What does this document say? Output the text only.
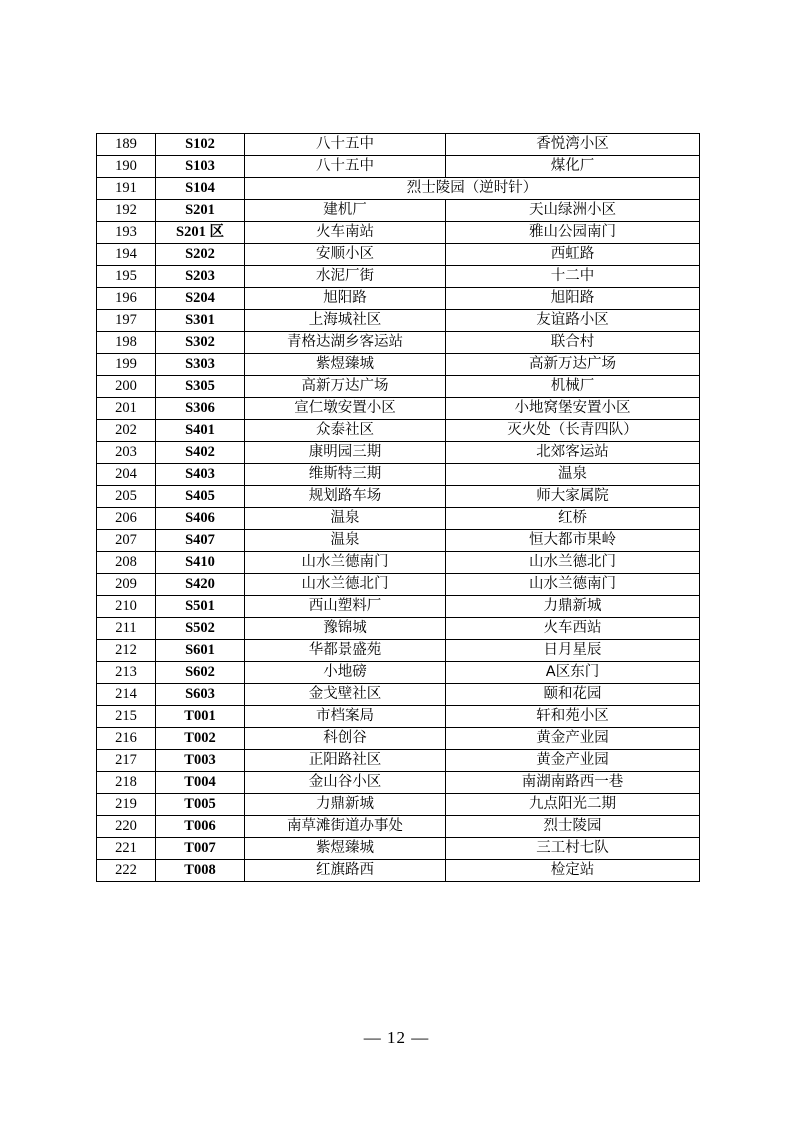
189	S102	八十五中	香悦湾小区
190	S103	八十五中	煤化厂
191	S104	烈士陵园（逆时针）	
192	S201	建机厂	天山绿洲小区
193	S201 区	火车南站	雅山公园南门
194	S202	安顺小区	西虹路
195	S203	水泥厂街	十二中
196	S204	旭阳路	旭阳路
197	S301	上海城社区	友谊路小区
198	S302	青格达湖乡客运站	联合村
199	S303	紫煜臻城	高新万达广场
200	S305	高新万达广场	机械厂
201	S306	宣仁墩安置小区	小地窝堡安置小区
202	S401	众泰社区	灭火处（长青四队）
203	S402	康明园三期	北郊客运站
204	S403	维斯特三期	温泉
205	S405	规划路车场	师大家属院
206	S406	温泉	红桥
207	S407	温泉	恒大都市果岭
208	S410	山水兰德南门	山水兰德北门
209	S420	山水兰德北门	山水兰德南门
210	S501	西山塑料厂	力鼎新城
211	S502	豫锦城	火车西站
212	S601	华都景盛苑	日月星辰
213	S602	小地磅	A区东门
214	S603	金戈壁社区	颐和花园
215	T001	市档案局	轩和苑小区
216	T002	科创谷	黄金产业园
217	T003	正阳路社区	黄金产业园
218	T004	金山谷小区	南湖南路西一巷
219	T005	力鼎新城	九点阳光二期
220	T006	南草滩街道办事处	烈士陵园
221	T007	紫煜臻城	三工村七队
222	T008	红旗路西	检定站
— 12 —
